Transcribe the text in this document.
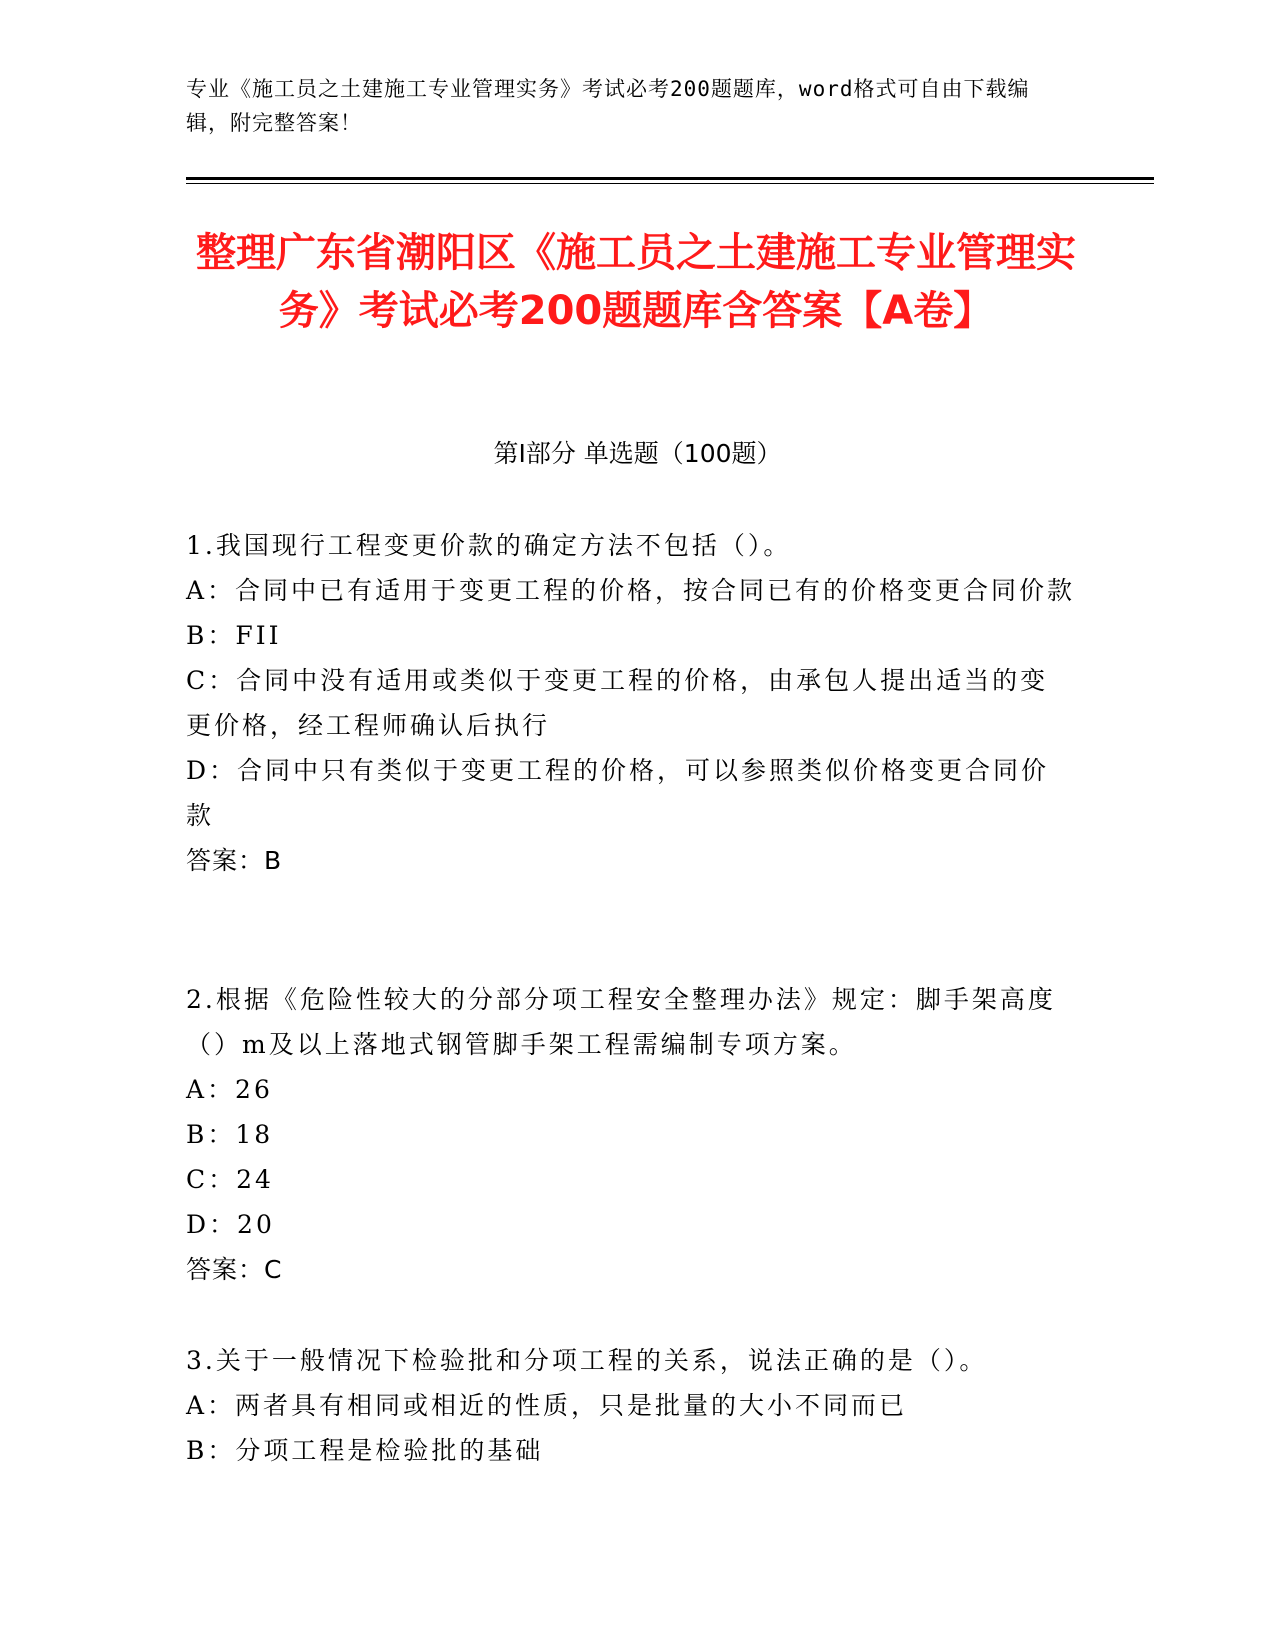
专业《施工员之土建施工专业管理实务》考试必考200题题库，word格式可自由下载编辑，附完整答案！
整理广东省潮阳区《施工员之土建施工专业管理实务》考试必考200题题库含答案【A卷】
第I部分 单选题（100题）
1.我国现行工程变更价款的确定方法不包括（）。
A：合同中已有适用于变更工程的价格，按合同已有的价格变更合同价款
B：FII
C：合同中没有适用或类似于变更工程的价格，由承包人提出适当的变更价格，经工程师确认后执行
D：合同中只有类似于变更工程的价格，可以参照类似价格变更合同价款
答案：B
2.根据《危险性较大的分部分项工程安全整理办法》规定：脚手架高度（）m及以上落地式钢管脚手架工程需编制专项方案。
A：26
B：18
C：24
D：20
答案：C
3.关于一般情况下检验批和分项工程的关系，说法正确的是（）。
A：两者具有相同或相近的性质，只是批量的大小不同而已
B：分项工程是检验批的基础
